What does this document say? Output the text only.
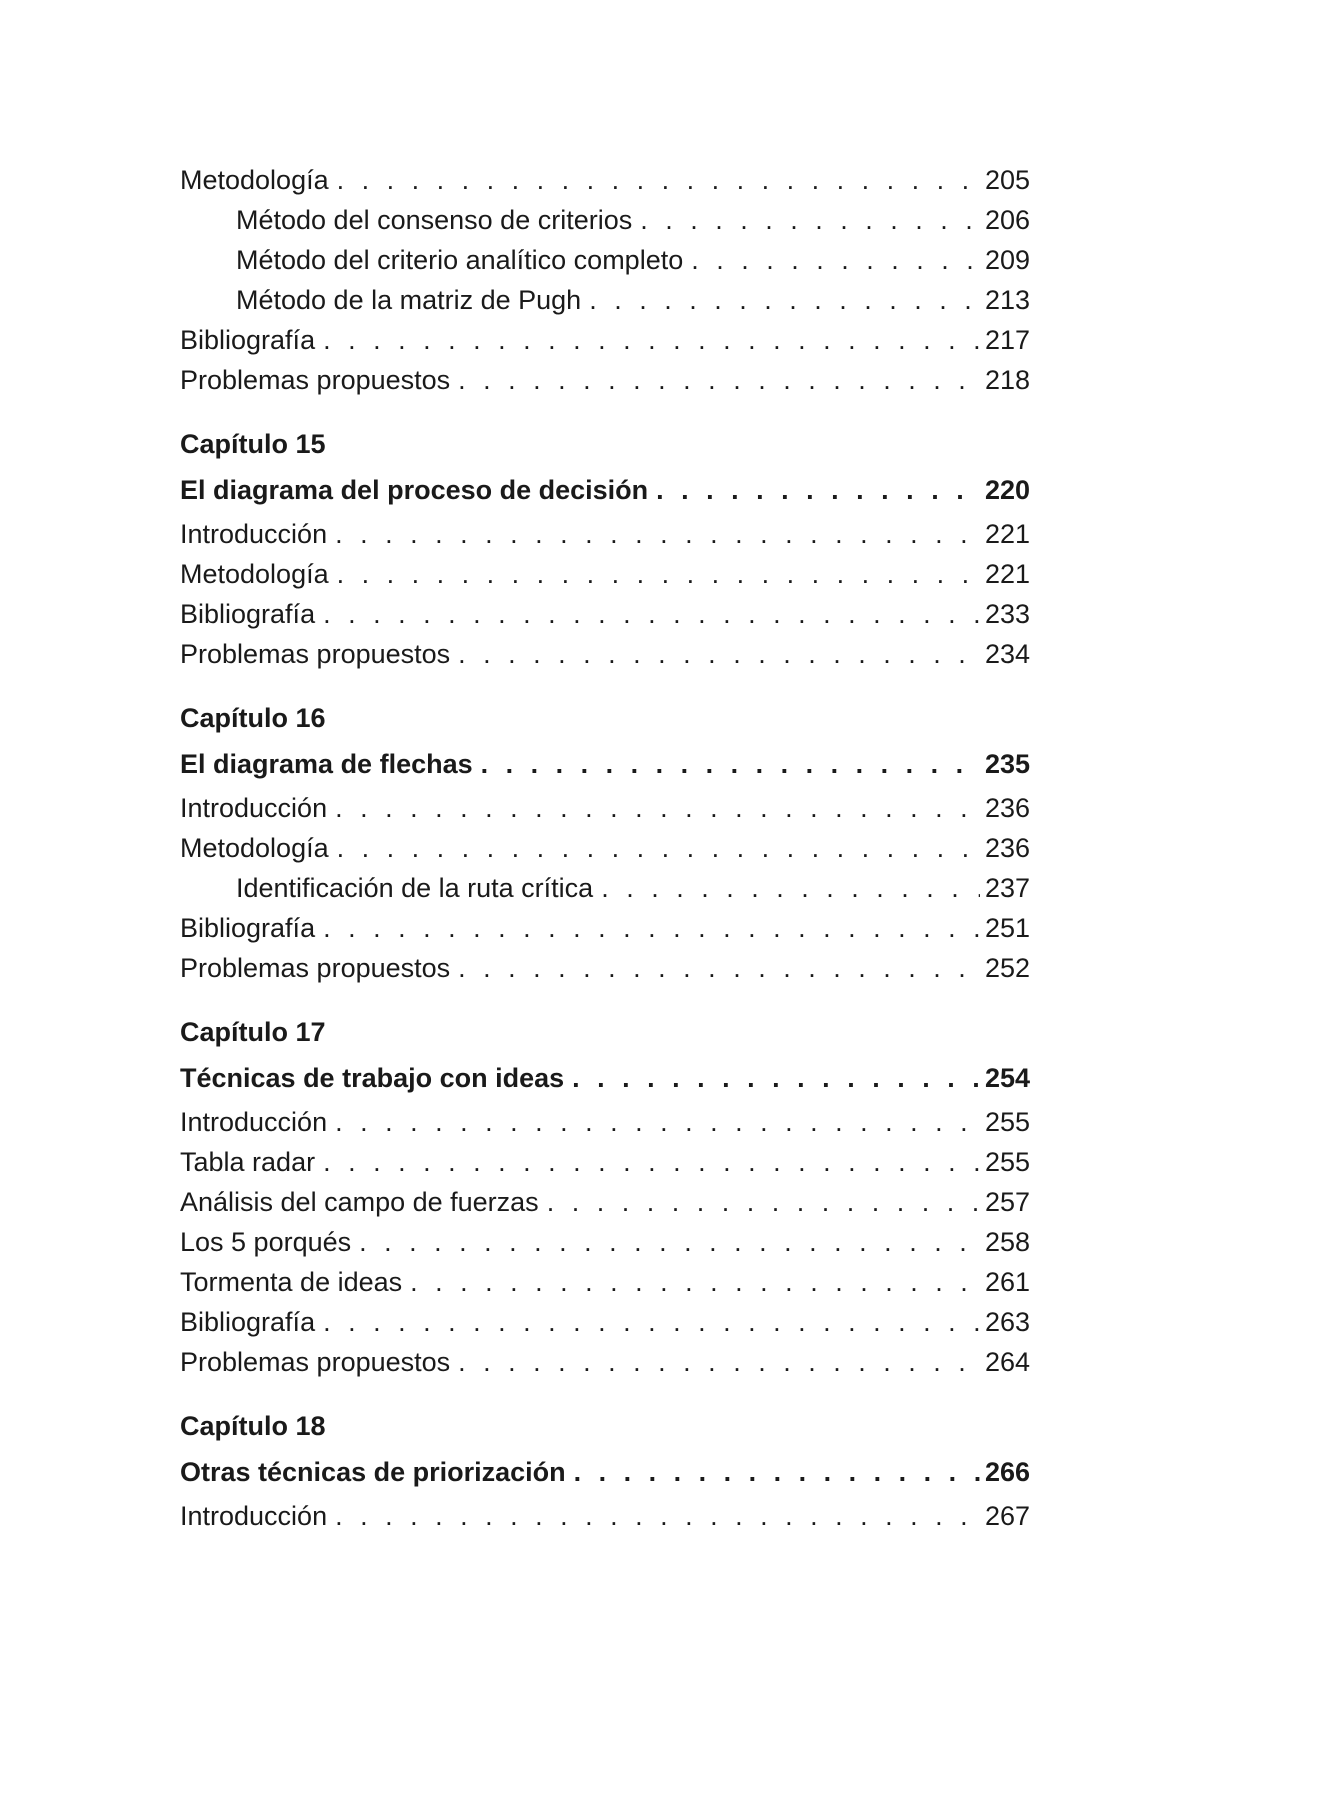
Metodología . . .	205
Método del consenso de criterios . . .	206
Método del criterio analítico completo . . .	209
Método de la matriz de Pugh . . .	213
Bibliografía . . .	217
Problemas propuestos . . .	218
Capítulo 15
El diagrama del proceso de decisión . . .	220
Introducción . . .	221
Metodología . . .	221
Bibliografía . . .	233
Problemas propuestos . . .	234
Capítulo 16
El diagrama de flechas . . .	235
Introducción . . .	236
Metodología . . .	236
Identificación de la ruta crítica . . .	237
Bibliografía . . .	251
Problemas propuestos . . .	252
Capítulo 17
Técnicas de trabajo con ideas . . .	254
Introducción . . .	255
Tabla radar . . .	255
Análisis del campo de fuerzas . . .	257
Los 5 porqués . . .	258
Tormenta de ideas . . .	261
Bibliografía . . .	263
Problemas propuestos . . .	264
Capítulo 18
Otras técnicas de priorización . . .	266
Introducción . . .	267
